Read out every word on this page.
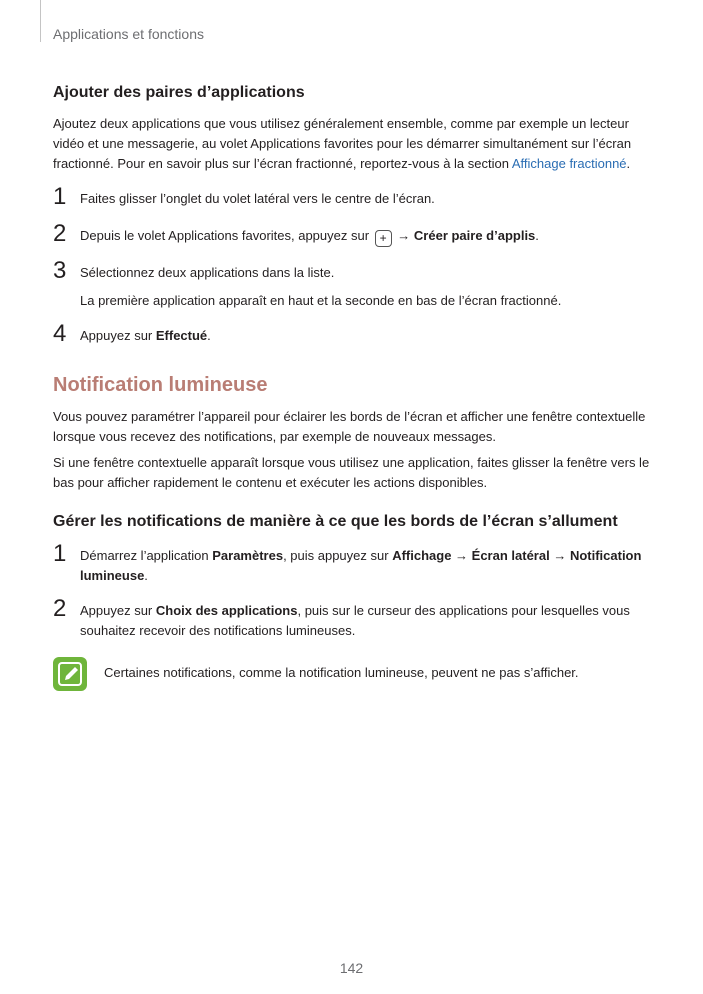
Applications et fonctions
Ajouter des paires d’applications

Ajoutez deux applications que vous utilisez généralement ensemble, comme par exemple un lecteur vidéo et une messagerie, au volet Applications favorites pour les démarrer simultanément sur l’écran fractionné. Pour en savoir plus sur l’écran fractionné, reportez-vous à la section Affichage fractionné.

1 Faites glisser l’onglet du volet latéral vers le centre de l’écran.

2 Depuis le volet Applications favorites, appuyez sur + → Créer paire d’applis.

3 Sélectionnez deux applications dans la liste.

La première application apparaît en haut et la seconde en bas de l’écran fractionné.

4 Appuyez sur Effectué.

Notification lumineuse

Vous pouvez paramétrer l’appareil pour éclairer les bords de l’écran et afficher une fenêtre contextuelle lorsque vous recevez des notifications, par exemple de nouveaux messages.

Si une fenêtre contextuelle apparaît lorsque vous utilisez une application, faites glisser la fenêtre vers le bas pour afficher rapidement le contenu et exécuter les actions disponibles.

Gérer les notifications de manière à ce que les bords de l’écran s’allument
1 Démarrez l’application Paramètres, puis appuyez sur Affichage → Écran latéral → Notification lumineuse.

2 Appuyez sur Choix des applications, puis sur le curseur des applications pour lesquelles vous souhaitez recevoir des notifications lumineuses.

Certaines notifications, comme la notification lumineuse, peuvent ne pas s’afficher.

142
